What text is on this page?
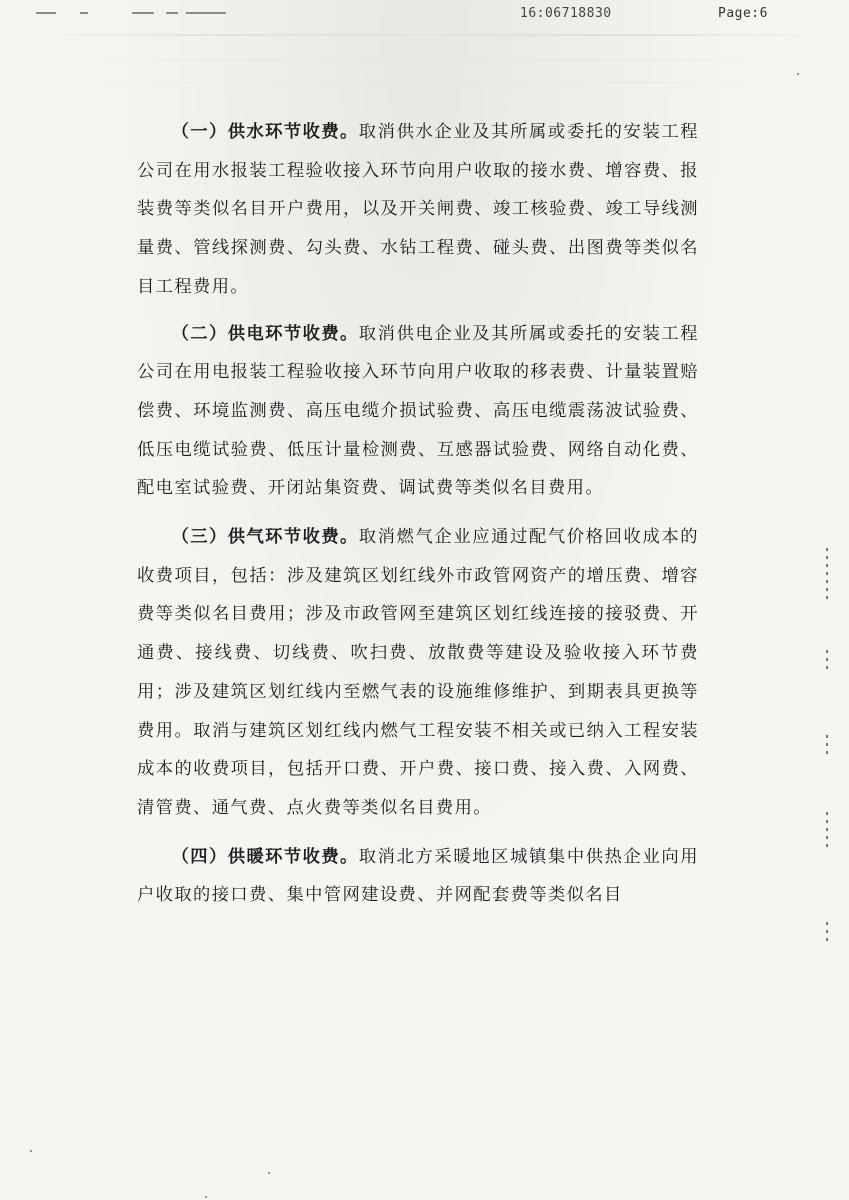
16:06718830	Page:6

（一）供水环节收费。取消供水企业及其所属或委托的安装工程公司在用水报装工程验收接入环节向用户收取的接水费、增容费、报装费等类似名目开户费用，以及开关闸费、竣工核验费、竣工导线测量费、管线探测费、勾头费、水钻工程费、碰头费、出图费等类似名目工程费用。

（二）供电环节收费。取消供电企业及其所属或委托的安装工程公司在用电报装工程验收接入环节向用户收取的移表费、计量装置赔偿费、环境监测费、高压电缆介损试验费、高压电缆震荡波试验费、低压电缆试验费、低压计量检测费、互感器试验费、网络自动化费、配电室试验费、开闭站集资费、调试费等类似名目费用。

（三）供气环节收费。取消燃气企业应通过配气价格回收成本的收费项目，包括：涉及建筑区划红线外市政管网资产的增压费、增容费等类似名目费用；涉及市政管网至建筑区划红线连接的接驳费、开通费、接线费、切线费、吹扫费、放散费等建设及验收接入环节费用；涉及建筑区划红线内至燃气表的设施维修维护、到期表具更换等费用。取消与建筑区划红线内燃气工程安装不相关或已纳入工程安装成本的收费项目，包括开口费、开户费、接口费、接入费、入网费、清管费、通气费、点火费等类似名目费用。

（四）供暖环节收费。取消北方采暖地区城镇集中供热企业向用户收取的接口费、集中管网建设费、并网配套费等类似名目
